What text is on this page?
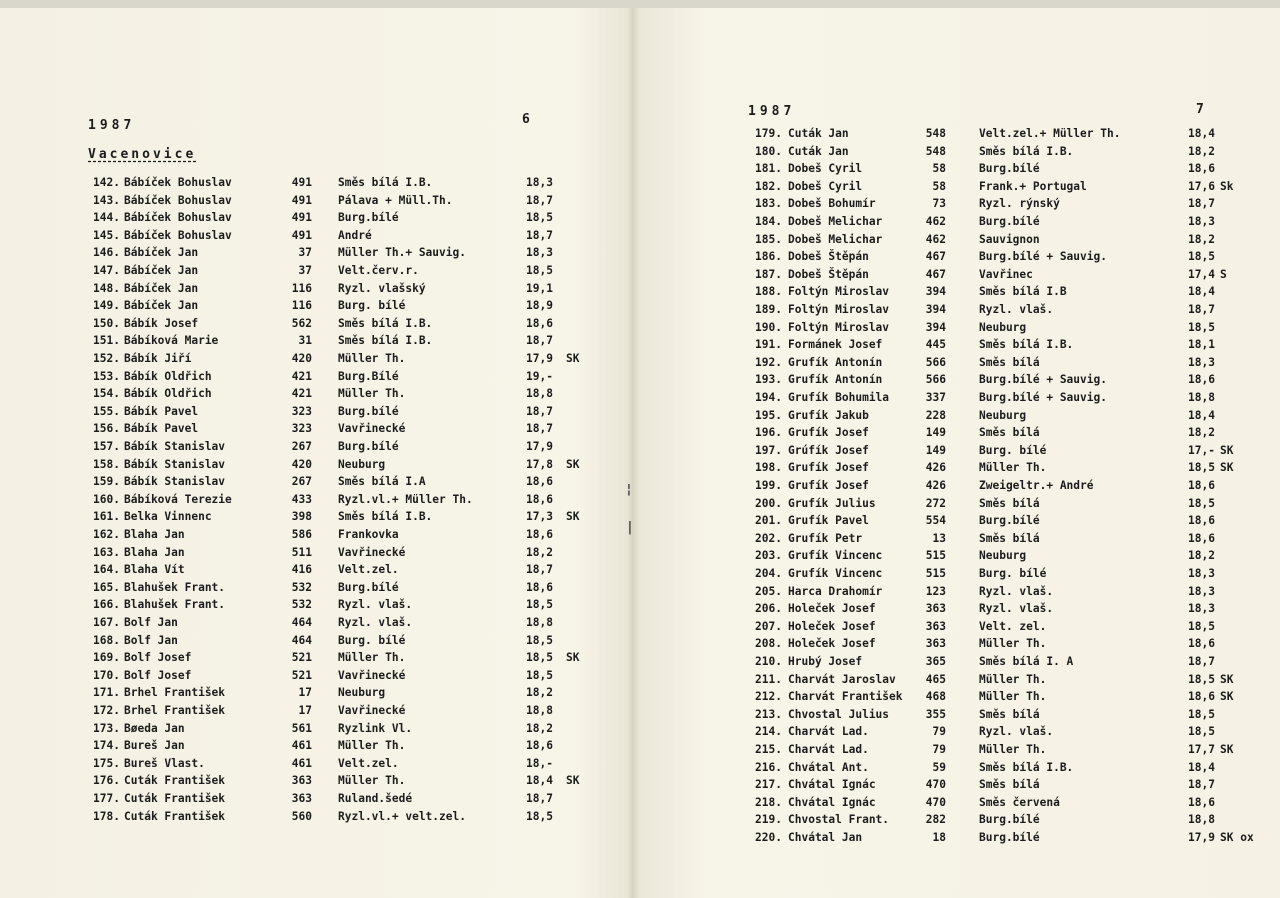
1987	6
Vacenovice
142. Bábíček Bohuslav	491 Směs bílá I.B.	18,3
143. Bábíček Bohuslav	491 Pálava + Müll.Th.	18,7
144. Bábíček Bohuslav	491 Burg.bílé	18,5
145. Bábíček Bohuslav	491 André	18,7
146. Bábíček Jan	37 Müller Th.+ Sauvig.	18,3
147. Bábíček Jan	37 Velt.červ.r.	18,5
148. Bábíček Jan	116 Ryzl. vlašský	19,1
149. Bábíček Jan	116 Burg. bílé	18,9
150. Bábík Josef	562 Směs bílá I.B.	18,6
151. Bábíková Marie	31 Směs bílá I.B.	18,7
152. Bábík Jiří	420 Müller Th.	17,9 SK
153. Bábík Oldřich	421 Burg.Bílé	19,-
154. Bábík Oldřich	421 Müller Th.	18,8
155. Bábík Pavel	323 Burg.bílé	18,7
156. Bábík Pavel	323 Vavřinecké	18,7
157. Bábík Stanislav	267 Burg.bílé	17,9
158. Bábík Stanislav	420 Neuburg	17,8 SK
159. Bábík Stanislav	267 Směs bílá I.A	18,6
160. Bábíková Terezie	433 Ryzl.vl.+ Müller Th.	18,6
161. Belka Vinnenc	398 Směs bílá I.B.	17,3 SK
162. Blaha Jan	586 Frankovka	18,6
163. Blaha Jan	511 Vavřinecké	18,2
164. Blaha Vít	416 Velt.zel.	18,7
165. Blahušek Frant.	532 Burg.bílé	18,6
166. Blahušek Frant.	532 Ryzl. vlaš.	18,5
167. Bolf Jan	464 Ryzl. vlaš.	18,8
168. Bolf Jan	464 Burg. bílé	18,5
169. Bolf Josef	521 Müller Th.	18,5 SK
170. Bolf Josef	521 Vavřinecké	18,5
171. Brhel František	17 Neuburg	18,2
172. Brhel František	17 Vavřinecké	18,8
173. Bøeda Jan	561 Ryzlink Vl.	18,2
174. Bureš Jan	461 Müller Th.	18,6
175. Bureš Vlast.	461 Velt.zel.	18,-
176. Cuták František	363 Müller Th.	18,4 SK
177. Cuták František	363 Ruland.šedé	18,7
178. Cuták František	560 Ryzl.vl.+ velt.zel.	18,5
¦
|
1987	7
179. Cuták Jan	548	Velt.zel.+ Müller Th.	18,4
180. Cuták Jan	548	Směs bílá I.B.	18,2
181. Dobeš Cyril	58	Burg.bílé	18,6
182. Dobeš Cyril	58	Frank.+ Portugal	17,6 Sk
183. Dobeš Bohumír	73	Ryzl. rýnský	18,7
184. Dobeš Melichar	462	Burg.bílé	18,3
185. Dobeš Melichar	462	Sauvignon	18,2
186. Dobeš Štěpán	467	Burg.bílé + Sauvig.	18,5
187. Dobeš Štěpán	467	Vavřinec	17,4 S
188. Foltýn Miroslav	394	Směs bílá I.B	18,4
189. Foltýn Miroslav	394	Ryzl. vlaš.	18,7
190. Foltýn Miroslav	394	Neuburg	18,5
191. Formánek Josef	445	Směs bílá I.B.	18,1
192. Grufík Antonín	566	Směs bílá	18,3
193. Grufík Antonín	566	Burg.bílé + Sauvig.	18,6
194. Grufík Bohumila	337	Burg.bílé + Sauvig.	18,8
195. Grufík Jakub	228	Neuburg	18,4
196. Grufík Josef	149	Směs bílá	18,2
197. Grúfík Josef	149	Burg. bílé	17,- SK
198. Grufík Josef	426	Müller Th.	18,5 SK
199. Grufík Josef	426	Zweigeltr.+ André	18,6
200. Grufík Julius	272	Směs bílá	18,5
201. Grufík Pavel	554	Burg.bílé	18,6
202. Grufík Petr	13	Směs bílá	18,6
203. Grufík Vincenc	515	Neuburg	18,2
204. Grufík Vincenc	515	Burg. bílé	18,3
205. Harca Drahomír	123	Ryzl. vlaš.	18,3
206. Holeček Josef	363	Ryzl. vlaš.	18,3
207. Holeček Josef	363	Velt. zel.	18,5
208. Holeček Josef	363	Müller Th.	18,6
210. Hrubý Josef	365	Směs bílá I. A	18,7
211. Charvát Jaroslav	465	Müller Th.	18,5 SK
212. Charvát František	468	Müller Th.	18,6 SK
213. Chvostal Julius	355	Směs bílá	18,5
214. Charvát Lad.	79	Ryzl. vlaš.	18,5
215. Charvát Lad.	79	Müller Th.	17,7 SK
216. Chvátal Ant.	59	Směs bílá I.B.	18,4
217. Chvátal Ignác	470	Směs bílá	18,7
218. Chvátal Ignác	470	Směs červená	18,6
219. Chvostal Frant.	282	Burg.bílé	18,8
220. Chvátal Jan	18	Burg.bílé	17,9 SK ox
